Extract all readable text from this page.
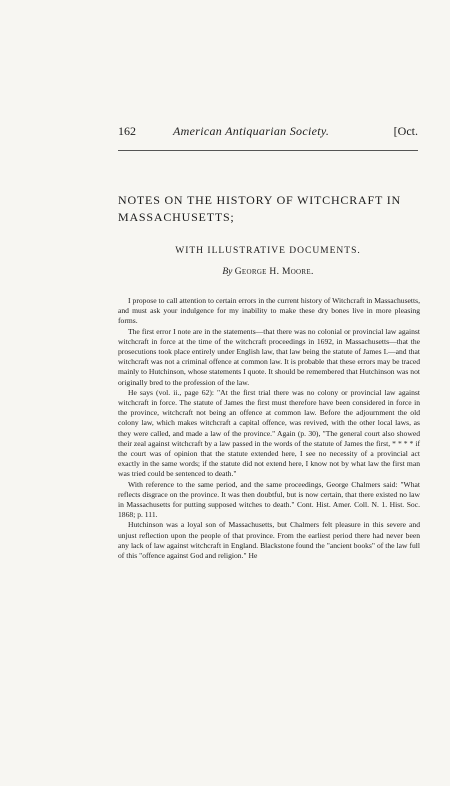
162	American Antiquarian Society.	[Oct.
NOTES ON THE HISTORY OF WITCHCRAFT IN MASSACHUSETTS;
WITH ILLUSTRATIVE DOCUMENTS.
By George H. Moore.

I propose to call attention to certain errors in the current history of Witchcraft in Massachusetts, and must ask your indulgence for my inability to make these dry bones live in more pleasing forms.

The first error I note are in the statements—that there was no colonial or provincial law against witchcraft in force at the time of the witchcraft proceedings in 1692, in Massachusetts—that the prosecutions took place entirely under English law, that law being the statute of James I.—and that witchcraft was not a criminal offence at common law. It is probable that these errors may be traced mainly to Hutchinson, whose statements I quote. It should be remembered that Hutchinson was not originally bred to the profession of the law.

He says (vol. ii., page 62): "At the first trial there was no colony or provincial law against witchcraft in force. The statute of James the first must therefore have been considered in force in the province, witchcraft not being an offence at common law. Before the adjournment the old colony law, which makes witchcraft a capital offence, was revived, with the other local laws, as they were called, and made a law of the province." Again (p. 30), "The general court also showed their zeal against witchcraft by a law passed in the words of the statute of James the first, * * * * if the court was of opinion that the statute extended here, I see no necessity of a provincial act exactly in the same words; if the statute did not extend here, I know not by what law the first man was tried could be sentenced to death."

With reference to the same period, and the same proceedings, George Chalmers said: "What reflects disgrace on the province. It was then doubtful, but is now certain, that there existed no law in Massachusetts for putting supposed witches to death." Cont. Hist. Amer. Coll. N. 1. Hist. Soc. 1868; p. 111.

Hutchinson was a loyal son of Massachusetts, but Chalmers felt pleasure in this severe and unjust reflection upon the people of that province. From the earliest period there had never been any lack of law against witchcraft in England. Blackstone found the "ancient books" of the law full of this "offence against God and religion." He
